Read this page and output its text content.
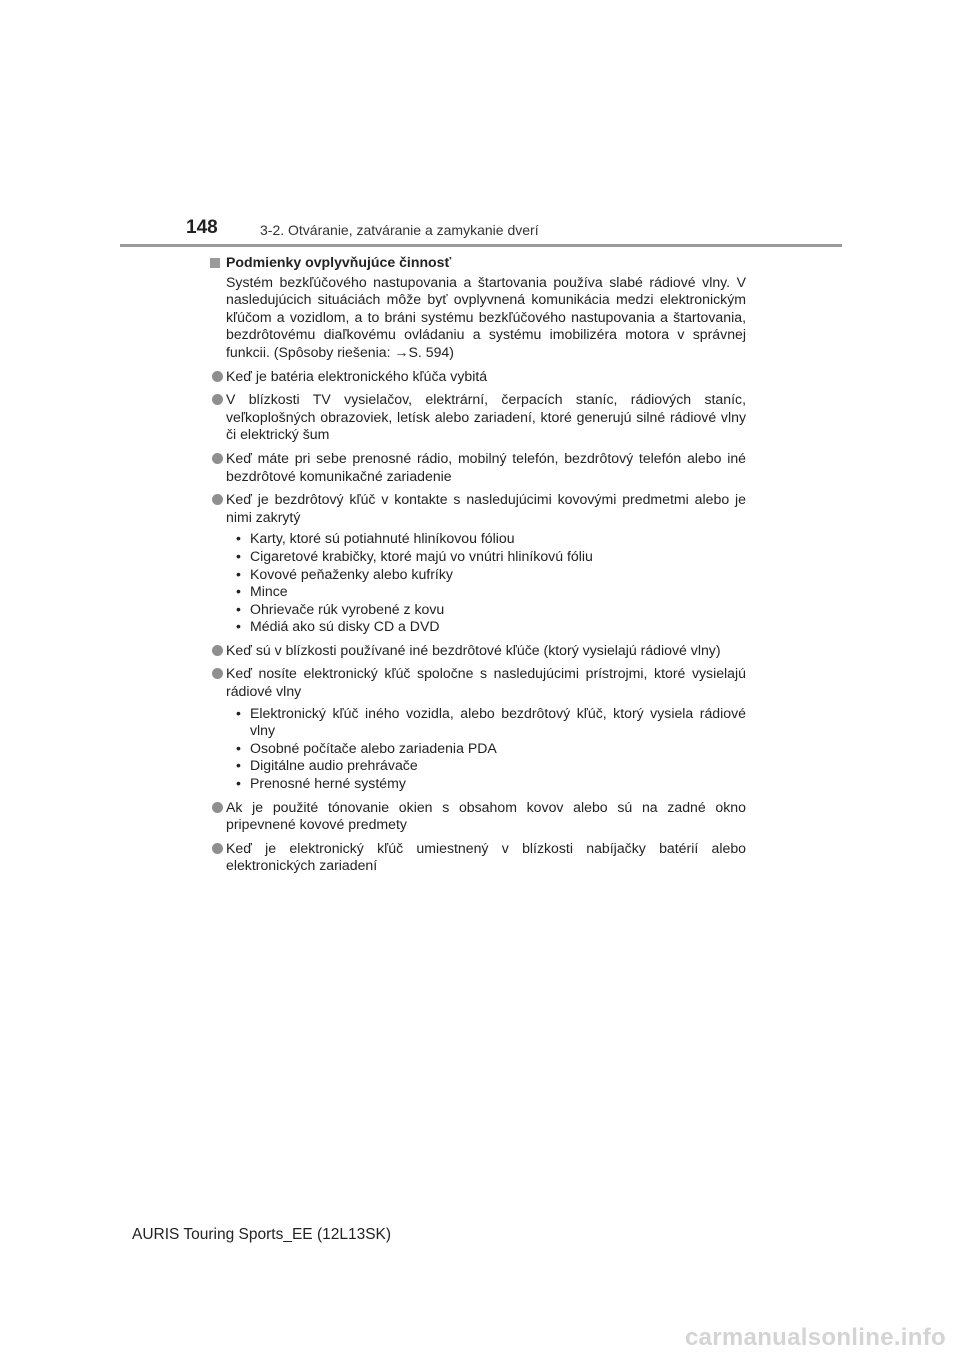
148	3-2. Otváranie, zatváranie a zamykanie dverí
Podmienky ovplyvňujúce činnosť

Systém bezkľúčového nastupovania a štartovania používa slabé rádiové vlny. V nasledujúcich situáciách môže byť ovplyvnená komunikácia medzi elektronickým kľúčom a vozidlom, a to bráni systému bezkľúčového nastupovania a štartovania, bezdrôtovému diaľkovému ovládaniu a systému imobilizéra motora v správnej funkcii. (Spôsoby riešenia: →S. 594)

Keď je batéria elektronického kľúča vybitá
V blízkosti TV vysielačov, elektrární, čerpacích staníc, rádiových staníc, veľkoplošných obrazoviek, letísk alebo zariadení, ktoré generujú silné rádiové vlny či elektrický šum
Keď máte pri sebe prenosné rádio, mobilný telefón, bezdrôtový telefón alebo iné bezdrôtové komunikačné zariadenie
Keď je bezdrôtový kľúč v kontakte s nasledujúcimi kovovými predmetmi alebo je nimi zakrytý
• Karty, ktoré sú potiahnuté hliníkovou fóliou
• Cigaretové krabičky, ktoré majú vo vnútri hliníkovú fóliu
• Kovové peňaženky alebo kufríky
• Mince
• Ohrievače rúk vyrobené z kovu
• Médiá ako sú disky CD a DVD
Keď sú v blízkosti používané iné bezdrôtové kľúče (ktorý vysielajú rádiové vlny)
Keď nosíte elektronický kľúč spoločne s nasledujúcimi prístrojmi, ktoré vysielajú rádiové vlny
• Elektronický kľúč iného vozidla, alebo bezdrôtový kľúč, ktorý vysiela rádiové vlny
• Osobné počítače alebo zariadenia PDA
• Digitálne audio prehrávače
• Prenosné herné systémy
Ak je použité tónovanie okien s obsahom kovov alebo sú na zadné okno pripevnené kovové predmety
Keď je elektronický kľúč umiestnený v blízkosti nabíjačky batérií alebo elektronických zariadení
AURIS Touring Sports_EE (12L13SK)
carmanualsonline.info
